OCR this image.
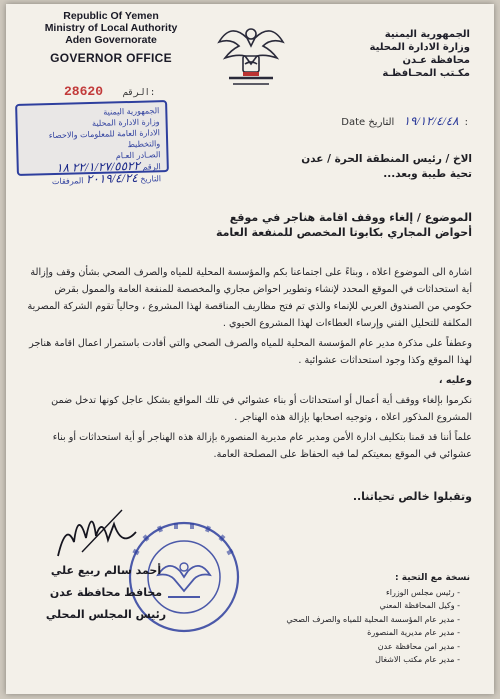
Republic Of Yemen
Ministry of Local Authority
Aden Governorate
GOVERNOR OFFICE
28620 الرقم:
الجمهورية اليمنية
وزارة الادارة المحلية
محافظة عـدن
مكـتب المحـافظـة
Date	١٩/١٢/٤/٤٨ التاريخ:
الجمهورية اليمنية
وزارة الادارة المحلية
الادارة العامة للمعلومات والاحصاء والتخطيط
الصـادر العـام
الرقم ٢٢/١/٢٧/٥٥٢٢ ١٨
التاريخ ٢٠١٩/٤/٢٤ المرفقات
الاخ / رئيس المنطقة الحرة / عدن
تحية طيبة وبعد...
الموضوع / إلغاء ووقف اقامة هناجر في موقع
أحواض المجاري بكابوتا المخصص للمنفعة العامة

اشارة الى الموضوع اعلاه ، وبناءً على اجتماعنا بكم والمؤسسة المحلية للمياه والصرف الصحي بشأن وقف وإزالة أية استحداثات في الموقع المحدد لإنشاء وتطوير احواض مجاري والمخصصة للمنفعة العامة والممول بقرض حكومي من الصندوق العربي للإنماء والذي تم فتح مظاريف المناقصة لهذا المشروع ، وحالياً تقوم الشركة المصرية المكلفة للتحليل الفني وإرساء العطاءات لهذا المشروع الحيوي .

وعطفاً على مذكرة مدير عام المؤسسة المحلية للمياه والصرف الصحي والتي أفادت باستمرار اعمال اقامة هناجر لهذا الموقع وكذا وجود استحداثات عشوائية .

وعليه ،

نكرموا بإلغاء ووقف أية أعمال أو استحداثات أو بناء عشوائي في تلك المواقع بشكل عاجل كونها تدخل ضمن المشروع المذكور اعلاه ، وتوجيه اصحابها بإزالة هذه الهناجر .

علماً أننا قد قمنا بتكليف ادارة الأمن ومدير عام مديرية المنصورة بإزالة هذه الهناجر أو أية استحداثات أو بناء عشوائي في الموقع بمعيتكم لما فيه الحفاظ على المصلحة العامة.

وتقبلوا خالص تحياتنا..
أحمد سالم ربيع علي
محافظ محافظة عدن
رئيس المجلس المحلي
نسخة مع التحية :
- رئيس مجلس الوزراء
- وكيل المحافظة المعني
- مدير عام المؤسسة المحلية للمياه والصرف الصحي
- مدير عام مديرية المنصورة
- مدير امن محافظة عدن
- مدير عام مكتب الاشغال
